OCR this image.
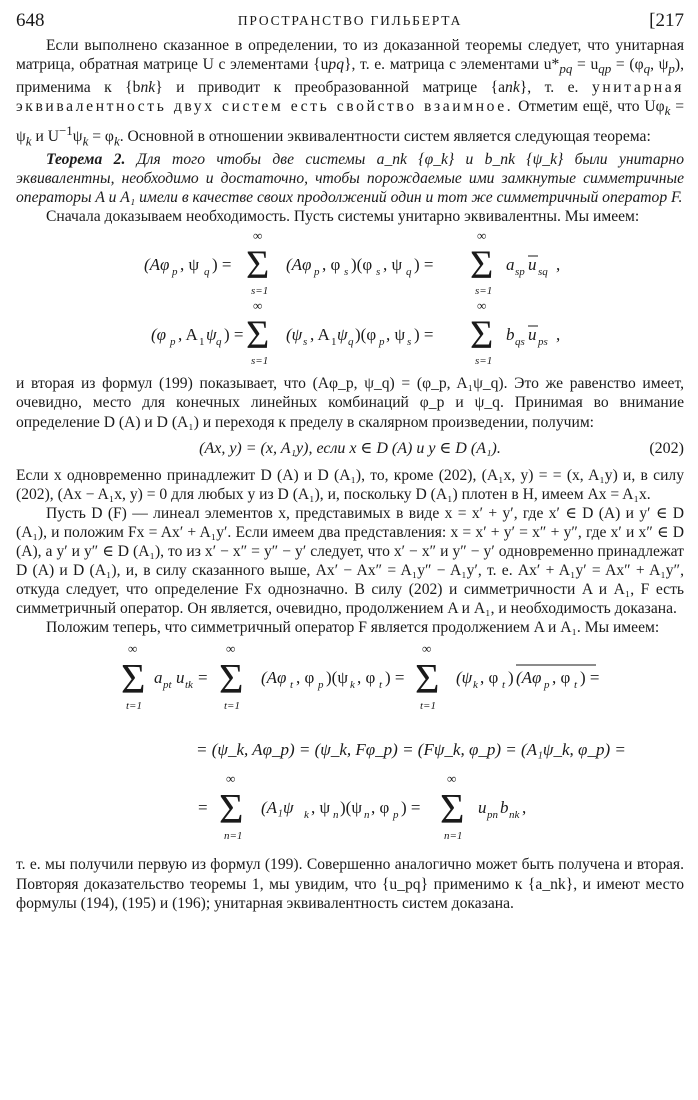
648	ПРОСТРАНСТВО ГИЛЬБЕРТА	[217

Если выполнено сказанное в определении, то из доказанной теоремы следует, что унитарная матрица, обратная матрице U с элементами {upq}, т. е. матрица с элементами $u*_{pq} = u_{qp} = (\varphi_q$, $\psi_p$), применима к {bnk} и приводит к преобразованной матрице {ank}, т. е. унитарная эквивалентность двух систем есть свойство взаимное. Отметим ещё, что $U\varphi_k = \psi_k$ и $U^{-1}\psi_k = \varphi_k$. Основной в отношении эквивалентности систем является следующая теорема:

Теорема 2. Для того чтобы две системы a_nk {φ_k} и b_nk {ψ_k} были унитарно эквивалентны, необходимо и достаточно, чтобы порождаемые ими замкнутые симметричные операторы A и A₁ имели в качестве своих продолжений один и тот же симметричный оператор F.

Сначала доказываем необходимость. Пусть системы унитарно эквивалентны. Мы имеем:

(Aφ p , ψ q ) =
∞
Σ
s=1
(Aφ p , φ s )(φ s , ψ q ) =
∞
Σ
s=1
a sp u sq ,
(φ p , A 1 ψ q ) =
∞
Σ
s=1
(ψ s , A 1 ψ q )(φ p , ψ s ) =
∞
Σ
s=1
b qs u ps ,

и вторая из формул (199) показывает, что (Aφ_p, ψ_q) = (φ_p, A₁ψ_q). Это же равенство имеет, очевидно, место для конечных линейных комбинаций φ_p и ψ_q. Принимая во внимание определение D (A) и D (A₁) и переходя к пределу в скалярном произведении, получим:

(Ax, y) = (x, A₁y), если x ∈ D (A) и y ∈ D (A₁).	(202)

Если x одновременно принадлежит D (A) и D (A₁), то, кроме (202), (A₁x, y) = = (x, A₁y) и, в силу (202), (Ax − A₁x, y) = 0 для любых y из D (A₁), и, поскольку D (A₁) плотен в H, имеем Ax = A₁x.

Пусть D (F) — линеал элементов x, представимых в виде x = x′ + y′, где x′ ∈ D (A) и y′ ∈ D (A₁), и положим Fx = Ax′ + A₁y′. Если имеем два представления: x = x′ + y′ = x″ + y″, где x′ и x″ ∈ D (A), а y′ и y″ ∈ D (A₁), то из x′ − x″ = y″ − y′ следует, что x′ − x″ и y″ − y′ одновременно принадлежат D (A) и D (A₁), и, в силу сказанного выше, Ax′ − Ax″ = A₁y″ − A₁y′, т. е. Ax′ + A₁y′ = Ax″ + A₁y″, откуда следует, что определение Fx однозначно. В силу (202) и симметричности A и A₁, F есть симметричный оператор. Он является, очевидно, продолжением A и A₁, и необходимость доказана.

Положим теперь, что симметричный оператор F является продолжением A и A₁. Мы имеем:

∞
Σ
t=1
a pt u tk =
∞
Σ
t=1
(Aφ t , φ p )(ψ k , φ t ) =
∞
Σ
t=1
(ψ k , φ t ) (Aφ p , φ t ) =
= (ψ_k, Aφ_p) = (ψ_k, Fφ_p) = (Fψ_k, φ_p) = (A₁ψ_k, φ_p) =
∞
Σ
n=1
=	(A₁ψ k , ψ n )(ψ n , φ p ) =
∞
Σ
n=1
u pn b nk ,

т. е. мы получили первую из формул (199). Совершенно аналогично может быть получена и вторая. Повторяя доказательство теоремы 1, мы увидим, что {u_pq} применимо к {a_nk}, и имеют место формулы (194), (195) и (196); унитарная эквивалентность систем доказана.
